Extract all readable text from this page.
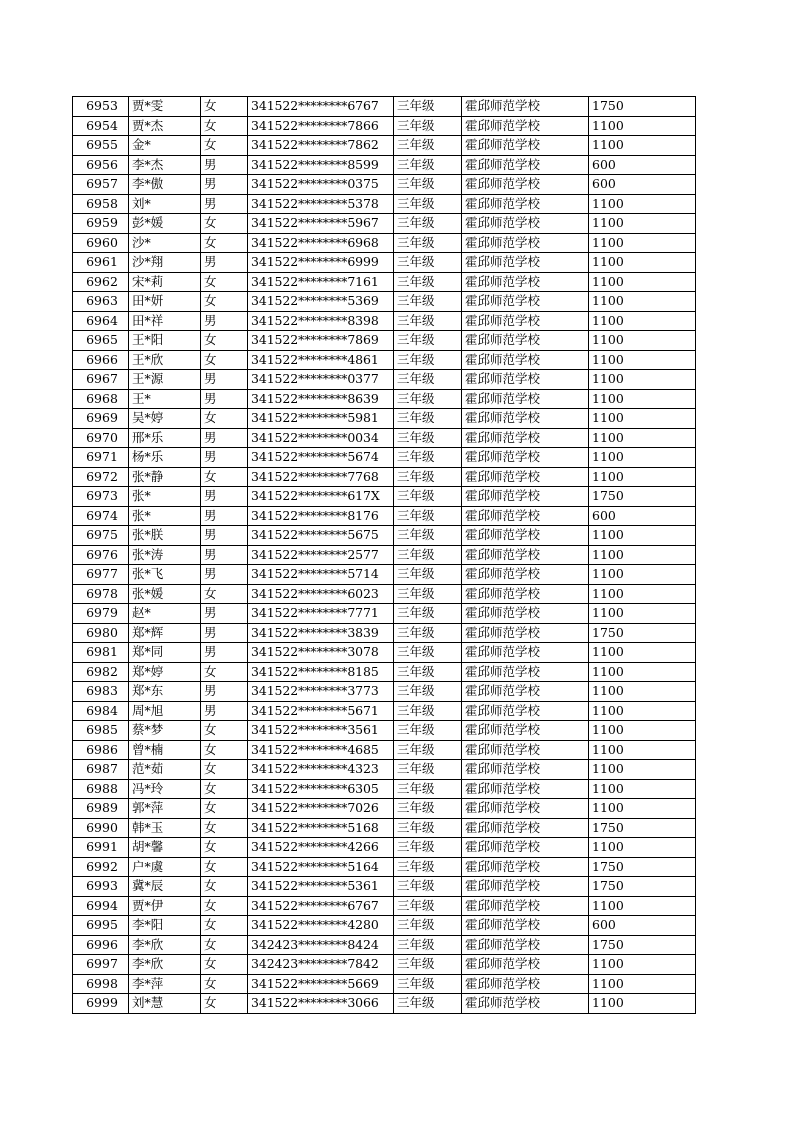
6953	贾*雯	女	341522********6767	三年级	霍邱师范学校	1750
6954	贾*杰	女	341522********7866	三年级	霍邱师范学校	1100
6955	金*	女	341522********7862	三年级	霍邱师范学校	1100
6956	李*杰	男	341522********8599	三年级	霍邱师范学校	600
6957	李*傲	男	341522********0375	三年级	霍邱师范学校	600
6958	刘*	男	341522********5378	三年级	霍邱师范学校	1100
6959	彭*媛	女	341522********5967	三年级	霍邱师范学校	1100
6960	沙*	女	341522********6968	三年级	霍邱师范学校	1100
6961	沙*翔	男	341522********6999	三年级	霍邱师范学校	1100
6962	宋*莉	女	341522********7161	三年级	霍邱师范学校	1100
6963	田*妍	女	341522********5369	三年级	霍邱师范学校	1100
6964	田*祥	男	341522********8398	三年级	霍邱师范学校	1100
6965	王*阳	女	341522********7869	三年级	霍邱师范学校	1100
6966	王*欣	女	341522********4861	三年级	霍邱师范学校	1100
6967	王*源	男	341522********0377	三年级	霍邱师范学校	1100
6968	王*	男	341522********8639	三年级	霍邱师范学校	1100
6969	吴*婷	女	341522********5981	三年级	霍邱师范学校	1100
6970	邢*乐	男	341522********0034	三年级	霍邱师范学校	1100
6971	杨*乐	男	341522********5674	三年级	霍邱师范学校	1100
6972	张*静	女	341522********7768	三年级	霍邱师范学校	1100
6973	张*	男	341522********617X	三年级	霍邱师范学校	1750
6974	张*	男	341522********8176	三年级	霍邱师范学校	600
6975	张*朕	男	341522********5675	三年级	霍邱师范学校	1100
6976	张*涛	男	341522********2577	三年级	霍邱师范学校	1100
6977	张*飞	男	341522********5714	三年级	霍邱师范学校	1100
6978	张*媛	女	341522********6023	三年级	霍邱师范学校	1100
6979	赵*	男	341522********7771	三年级	霍邱师范学校	1100
6980	郑*辉	男	341522********3839	三年级	霍邱师范学校	1750
6981	郑*同	男	341522********3078	三年级	霍邱师范学校	1100
6982	郑*婷	女	341522********8185	三年级	霍邱师范学校	1100
6983	郑*东	男	341522********3773	三年级	霍邱师范学校	1100
6984	周*旭	男	341522********5671	三年级	霍邱师范学校	1100
6985	蔡*梦	女	341522********3561	三年级	霍邱师范学校	1100
6986	曾*楠	女	341522********4685	三年级	霍邱师范学校	1100
6987	范*茹	女	341522********4323	三年级	霍邱师范学校	1100
6988	冯*玲	女	341522********6305	三年级	霍邱师范学校	1100
6989	郭*萍	女	341522********7026	三年级	霍邱师范学校	1100
6990	韩*玉	女	341522********5168	三年级	霍邱师范学校	1750
6991	胡*馨	女	341522********4266	三年级	霍邱师范学校	1100
6992	户*虞	女	341522********5164	三年级	霍邱师范学校	1750
6993	冀*辰	女	341522********5361	三年级	霍邱师范学校	1750
6994	贾*伊	女	341522********6767	三年级	霍邱师范学校	1100
6995	李*阳	女	341522********4280	三年级	霍邱师范学校	600
6996	李*欣	女	342423********8424	三年级	霍邱师范学校	1750
6997	李*欣	女	342423********7842	三年级	霍邱师范学校	1100
6998	李*萍	女	341522********5669	三年级	霍邱师范学校	1100
6999	刘*慧	女	341522********3066	三年级	霍邱师范学校	1100
